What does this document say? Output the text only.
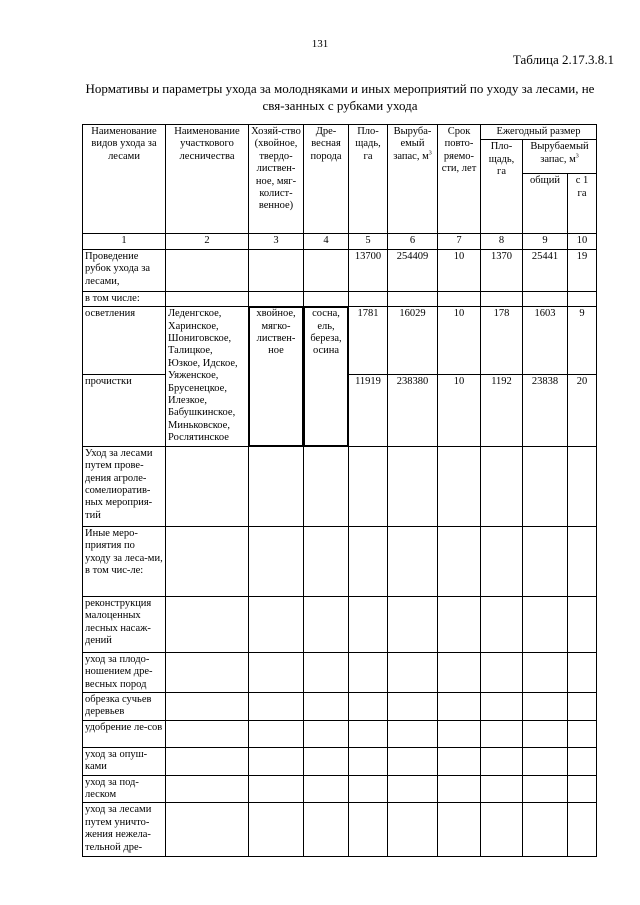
131
Таблица 2.17.3.8.1
Нормативы и параметры ухода за молодняками и иных мероприятий по уходу за лесами, не свя-занных с рубками ухода
Наименование видов ухода за лесами	Наименование участкового лесничества	Хозяй-ство (хвойное, твердо-листвен-ное, мяг-колист-венное)	Дре-весная порода	Пло-щадь, га	Выруба-емый запас, $м^3$	Срок повто-ряемо-сти, лет	Ежегодный размер		
							Пло-щадь, га	Вырубаемый запас, $м^3$
								общий	с 1 га
1	2	3	4	5	6	7	8	9	10
Проведение рубок ухода за лесами,				13700	254409	10	1370	25441	19
в том числе:									
осветления	Леденгское, Харинское, Шониговское, Талицкое, Юзкое, Идское, Уяженское, Брусенецкое, Илезкое, Бабушкинское, Миньковское, Рослятинское	хвойное, мягко-листвен-ное	сосна, ель, береза, осина	1781	16029	10	178	1603	9
прочистки				11919	238380	10	1192	23838	20
Уход за лесами путем прове-дения агроле-сомелиоратив-ных мероприя-тий									
Иные меро-приятия по уходу за леса-ми, в том чис-ле:									
реконструкция малоценных лесных насаж-дений									
уход за плодо-ношением дре-весных пород									
обрезка сучьев деревьев									
удобрение ле-сов									
уход за опуш-ками									
уход за под-леском									
уход за лесами путем уничто-жения нежела-тельной дре-									
